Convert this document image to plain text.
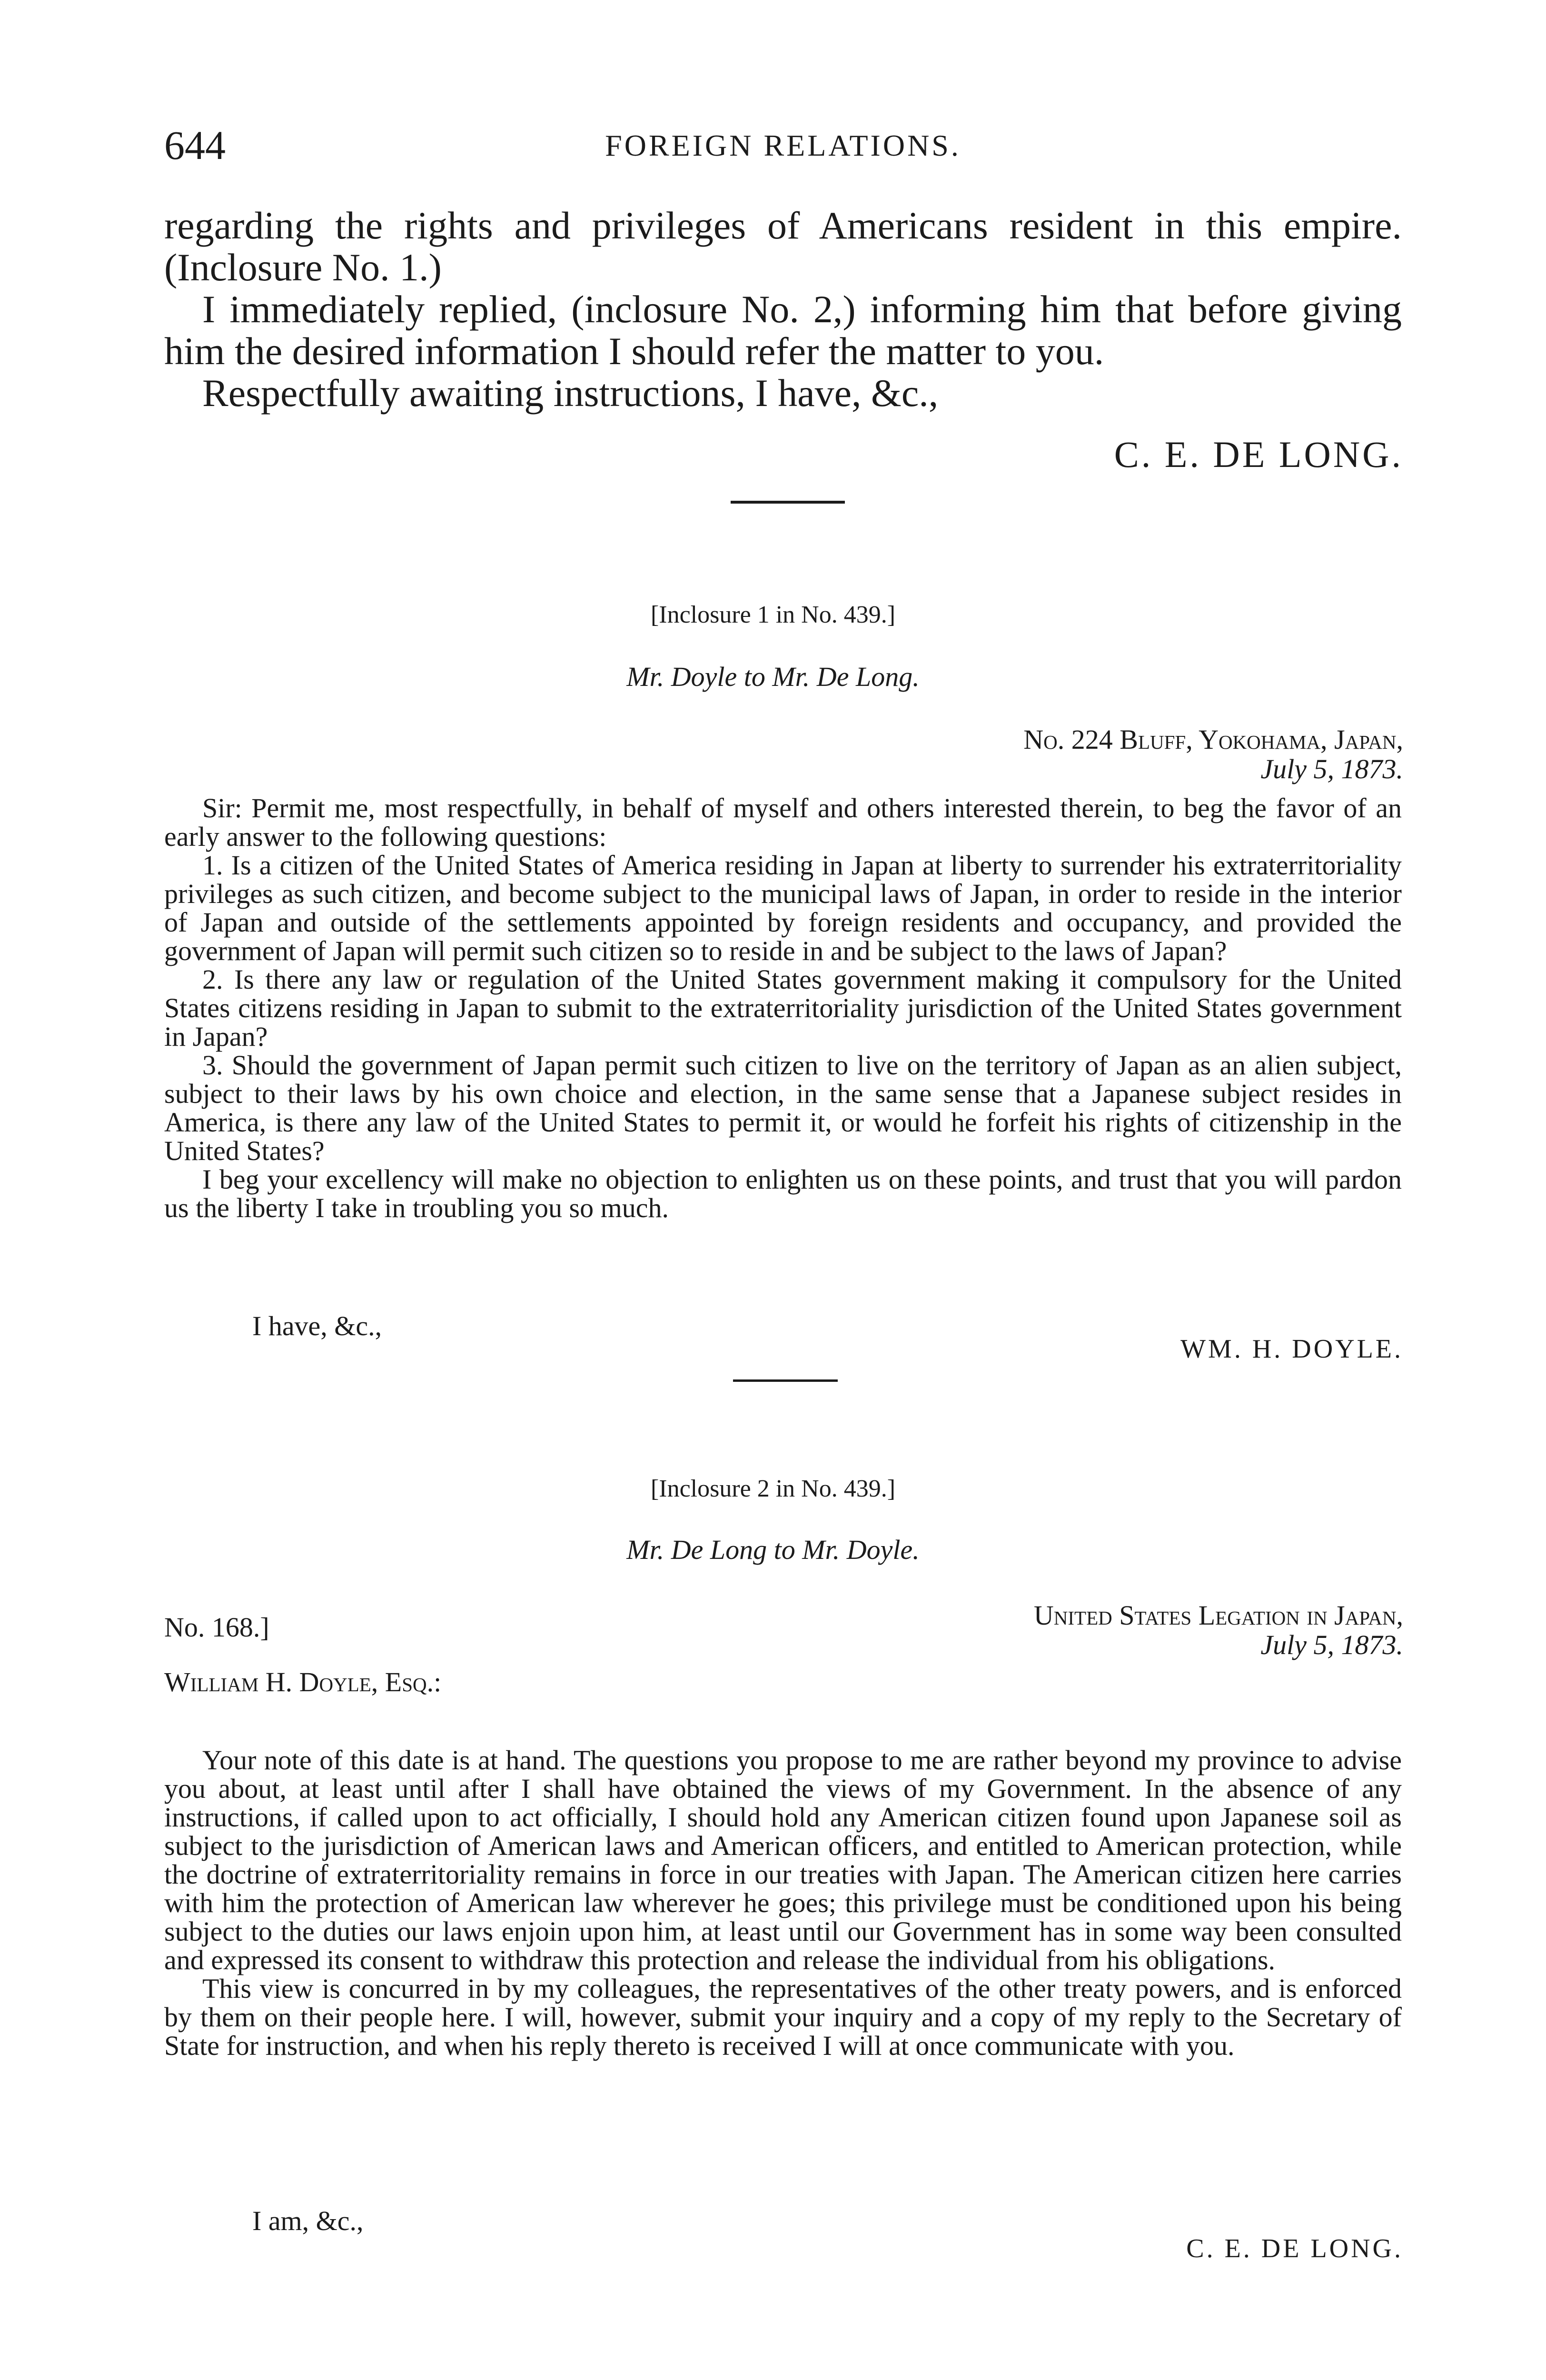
644	FOREIGN RELATIONS.

regarding the rights and privileges of Americans resident in this empire. (Inclosure No. 1.)

I immediately replied, (inclosure No. 2,) informing him that before giving him the desired information I should refer the matter to you.

Respectfully awaiting instructions, I have, &c.,

C. E. DE LONG.
[Inclosure 1 in No. 439.]
Mr. Doyle to Mr. De Long.
No. 224 Bluff, Yokohama, Japan,
July 5, 1873.

Sir: Permit me, most respectfully, in behalf of myself and others interested therein, to beg the favor of an early answer to the following questions:

1. Is a citizen of the United States of America residing in Japan at liberty to surrender his extraterritoriality privileges as such citizen, and become subject to the municipal laws of Japan, in order to reside in the interior of Japan and outside of the settlements appointed by foreign residents and occupancy, and provided the government of Japan will permit such citizen so to reside in and be subject to the laws of Japan?

2. Is there any law or regulation of the United States government making it compulsory for the United States citizens residing in Japan to submit to the extraterritoriality jurisdiction of the United States government in Japan?

3. Should the government of Japan permit such citizen to live on the territory of Japan as an alien subject, subject to their laws by his own choice and election, in the same sense that a Japanese subject resides in America, is there any law of the United States to permit it, or would he forfeit his rights of citizenship in the United States?

I beg your excellency will make no objection to enlighten us on these points, and trust that you will pardon us the liberty I take in troubling you so much.

I have, &c.,
WM. H. DOYLE.
[Inclosure 2 in No. 439.]
Mr. De Long to Mr. Doyle.
No. 168.]	United States Legation in Japan,
July 5, 1873.
William H. Doyle, Esq.:

Your note of this date is at hand. The questions you propose to me are rather beyond my province to advise you about, at least until after I shall have obtained the views of my Government. In the absence of any instructions, if called upon to act officially, I should hold any American citizen found upon Japanese soil as subject to the jurisdiction of American laws and American officers, and entitled to American protection, while the doctrine of extraterritoriality remains in force in our treaties with Japan. The American citizen here carries with him the protection of American law wherever he goes; this privilege must be conditioned upon his being subject to the duties our laws enjoin upon him, at least until our Government has in some way been consulted and expressed its consent to withdraw this protection and release the individual from his obligations.

This view is concurred in by my colleagues, the representatives of the other treaty powers, and is enforced by them on their people here. I will, however, submit your inquiry and a copy of my reply to the Secretary of State for instruction, and when his reply thereto is received I will at once communicate with you.

I am, &c.,
C. E. DE LONG.
